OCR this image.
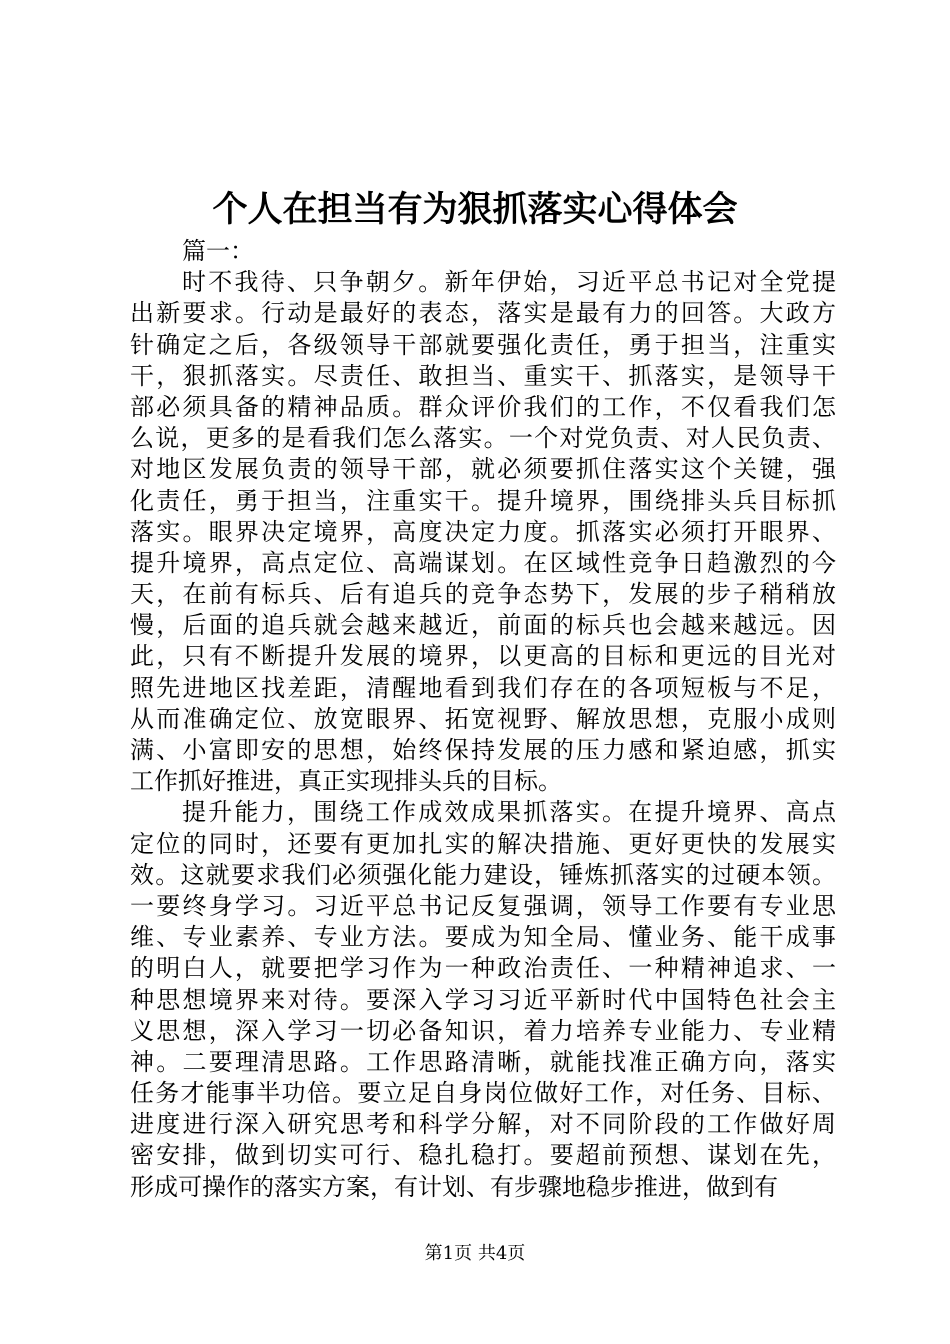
个人在担当有为狠抓落实心得体会
篇一：
时不我待、只争朝夕。新年伊始，习近平总书记对全党提
出新要求。行动是最好的表态，落实是最有力的回答。大政方
针确定之后，各级领导干部就要强化责任，勇于担当，注重实
干，狠抓落实。尽责任、敢担当、重实干、抓落实，是领导干
部必须具备的精神品质。群众评价我们的工作，不仅看我们怎
么说，更多的是看我们怎么落实。一个对党负责、对人民负责、
对地区发展负责的领导干部，就必须要抓住落实这个关键，强
化责任，勇于担当，注重实干。提升境界，围绕排头兵目标抓
落实。眼界决定境界，高度决定力度。抓落实必须打开眼界、
提升境界，高点定位、高端谋划。在区域性竞争日趋激烈的今
天，在前有标兵、后有追兵的竞争态势下，发展的步子稍稍放
慢，后面的追兵就会越来越近，前面的标兵也会越来越远。因
此，只有不断提升发展的境界，以更高的目标和更远的目光对
照先进地区找差距，清醒地看到我们存在的各项短板与不足，
从而准确定位、放宽眼界、拓宽视野、解放思想，克服小成则
满、小富即安的思想，始终保持发展的压力感和紧迫感，抓实
工作抓好推进，真正实现排头兵的目标。
提升能力，围绕工作成效成果抓落实。在提升境界、高点
定位的同时，还要有更加扎实的解决措施、更好更快的发展实
效。这就要求我们必须强化能力建设，锤炼抓落实的过硬本领。
一要终身学习。习近平总书记反复强调，领导工作要有专业思
维、专业素养、专业方法。要成为知全局、懂业务、能干成事
的明白人，就要把学习作为一种政治责任、一种精神追求、一
种思想境界来对待。要深入学习习近平新时代中国特色社会主
义思想，深入学习一切必备知识，着力培养专业能力、专业精
神。二要理清思路。工作思路清晰，就能找准正确方向，落实
任务才能事半功倍。要立足自身岗位做好工作，对任务、目标、
进度进行深入研究思考和科学分解，对不同阶段的工作做好周
密安排，做到切实可行、稳扎稳打。要超前预想、谋划在先，
形成可操作的落实方案，有计划、有步骤地稳步推进，做到有
第1页 共4页
